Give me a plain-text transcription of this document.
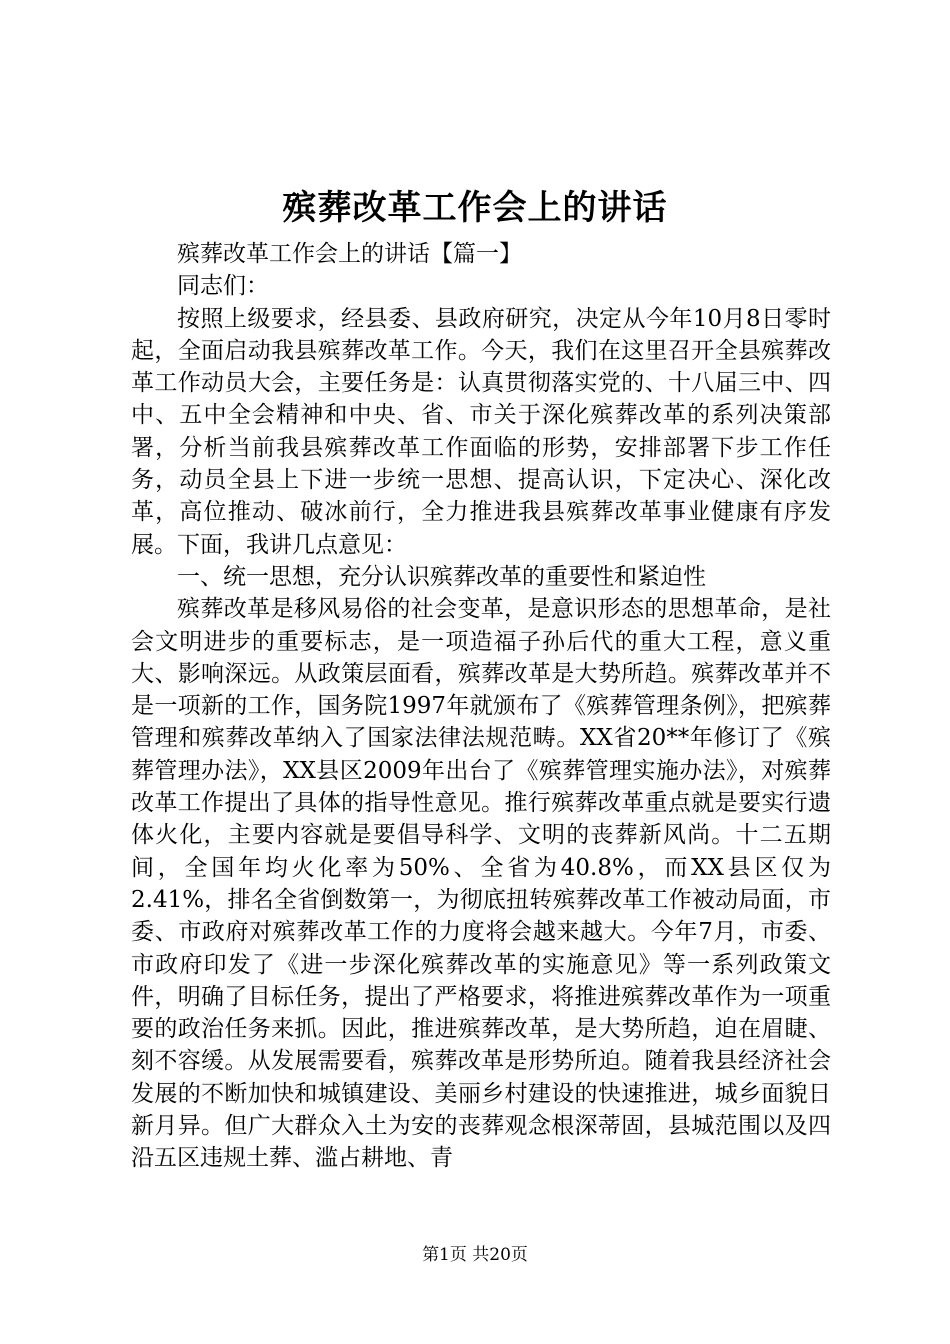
殡葬改革工作会上的讲话

殡葬改革工作会上的讲话【篇一】

同志们：

按照上级要求，经县委、县政府研究，决定从今年10月8日零时起，全面启动我县殡葬改革工作。今天，我们在这里召开全县殡葬改革工作动员大会，主要任务是：认真贯彻落实党的、十八届三中、四中、五中全会精神和中央、省、市关于深化殡葬改革的系列决策部署，分析当前我县殡葬改革工作面临的形势，安排部署下步工作任务，动员全县上下进一步统一思想、提高认识，下定决心、深化改革，高位推动、破冰前行，全力推进我县殡葬改革事业健康有序发展。下面，我讲几点意见：

一、统一思想，充分认识殡葬改革的重要性和紧迫性

殡葬改革是移风易俗的社会变革，是意识形态的思想革命，是社会文明进步的重要标志，是一项造福子孙后代的重大工程，意义重大、影响深远。从政策层面看，殡葬改革是大势所趋。殡葬改革并不是一项新的工作，国务院1997年就颁布了《殡葬管理条例》，把殡葬管理和殡葬改革纳入了国家法律法规范畴。XX省20**年修订了《殡葬管理办法》，XX县区2009年出台了《殡葬管理实施办法》，对殡葬改革工作提出了具体的指导性意见。推行殡葬改革重点就是要实行遗体火化，主要内容就是要倡导科学、文明的丧葬新风尚。十二五期间，全国年均火化率为50%、全省为40.8%，而XX县区仅为2.41%，排名全省倒数第一，为彻底扭转殡葬改革工作被动局面，市委、市政府对殡葬改革工作的力度将会越来越大。今年7月，市委、市政府印发了《进一步深化殡葬改革的实施意见》等一系列政策文件，明确了目标任务，提出了严格要求，将推进殡葬改革作为一项重要的政治任务来抓。因此，推进殡葬改革，是大势所趋，迫在眉睫、刻不容缓。从发展需要看，殡葬改革是形势所迫。随着我县经济社会发展的不断加快和城镇建设、美丽乡村建设的快速推进，城乡面貌日新月异。但广大群众入土为安的丧葬观念根深蒂固，县城范围以及四沿五区违规土葬、滥占耕地、青

第1页 共20页
